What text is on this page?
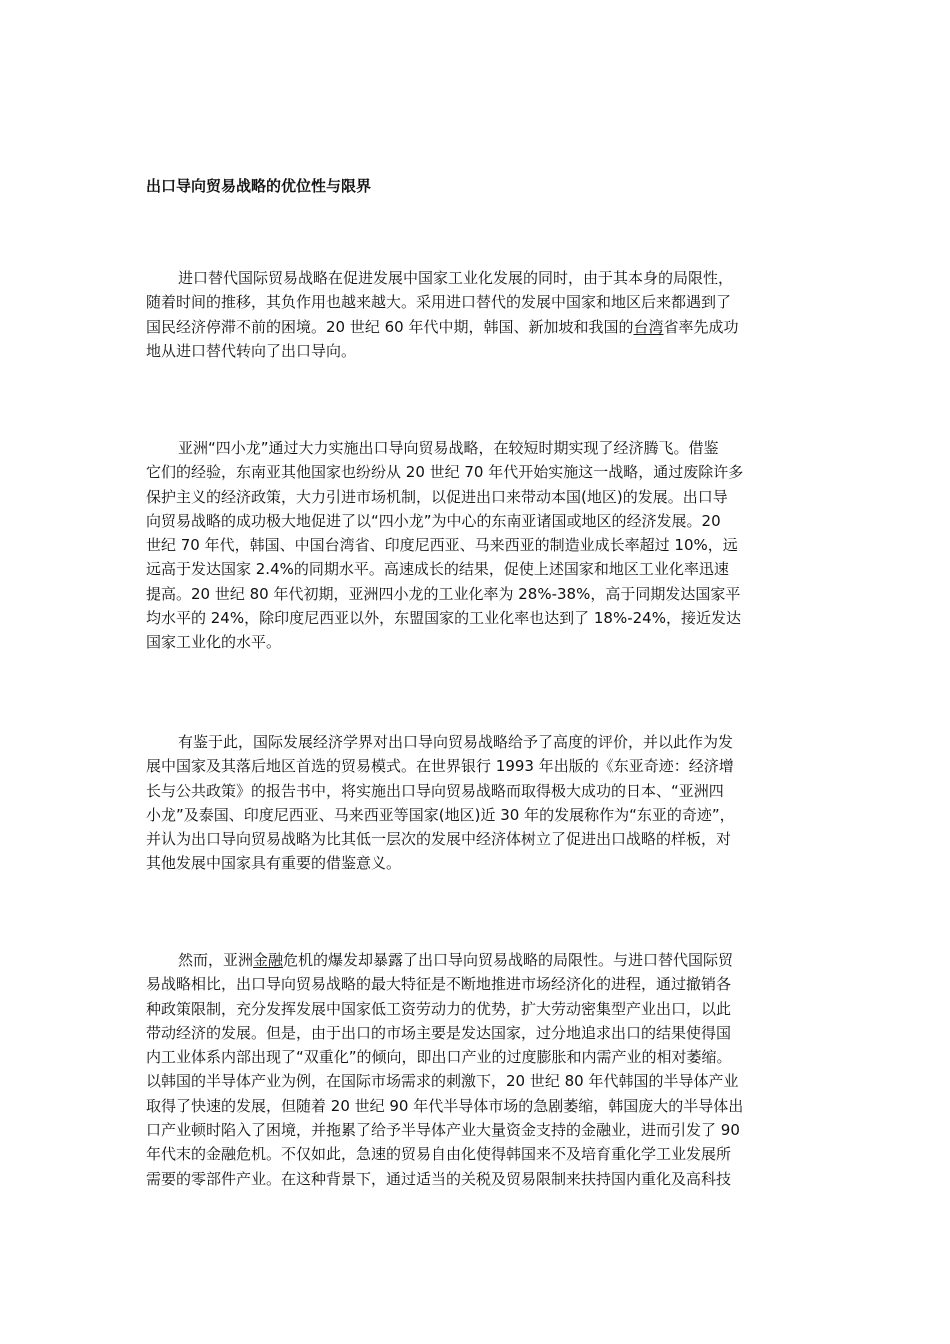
出口导向贸易战略的优位性与限界
进口替代国际贸易战略在促进发展中国家工业化发展的同时，由于其本身的局限性，
随着时间的推移，其负作用也越来越大。采用进口替代的发展中国家和地区后来都遇到了
国民经济停滞不前的困境。20 世纪 60 年代中期，韩国、新加坡和我国的台湾省率先成功
地从进口替代转向了出口导向。
亚洲“四小龙”通过大力实施出口导向贸易战略，在较短时期实现了经济腾飞。借鉴
它们的经验，东南亚其他国家也纷纷从 20 世纪 70 年代开始实施这一战略，通过废除许多
保护主义的经济政策，大力引进市场机制，以促进出口来带动本国(地区)的发展。出口导
向贸易战略的成功极大地促进了以“四小龙”为中心的东南亚诸国或地区的经济发展。20
世纪 70 年代，韩国、中国台湾省、印度尼西亚、马来西亚的制造业成长率超过 10%，远
远高于发达国家 2.4%的同期水平。高速成长的结果，促使上述国家和地区工业化率迅速
提高。20 世纪 80 年代初期，亚洲四小龙的工业化率为 28%-38%，高于同期发达国家平
均水平的 24%，除印度尼西亚以外，东盟国家的工业化率也达到了 18%-24%，接近发达
国家工业化的水平。
有鉴于此，国际发展经济学界对出口导向贸易战略给予了高度的评价，并以此作为发
展中国家及其落后地区首选的贸易模式。在世界银行 1993 年出版的《东亚奇迹：经济增
长与公共政策》的报告书中，将实施出口导向贸易战略而取得极大成功的日本、“亚洲四
小龙”及泰国、印度尼西亚、马来西亚等国家(地区)近 30 年的发展称作为“东亚的奇迹”，
并认为出口导向贸易战略为比其低一层次的发展中经济体树立了促进出口战略的样板，对
其他发展中国家具有重要的借鉴意义。
然而，亚洲金融危机的爆发却暴露了出口导向贸易战略的局限性。与进口替代国际贸
易战略相比，出口导向贸易战略的最大特征是不断地推进市场经济化的进程，通过撤销各
种政策限制，充分发挥发展中国家低工资劳动力的优势，扩大劳动密集型产业出口，以此
带动经济的发展。但是，由于出口的市场主要是发达国家，过分地追求出口的结果使得国
内工业体系内部出现了“双重化”的倾向，即出口产业的过度膨胀和内需产业的相对萎缩。
以韩国的半导体产业为例，在国际市场需求的刺激下，20 世纪 80 年代韩国的半导体产业
取得了快速的发展，但随着 20 世纪 90 年代半导体市场的急剧萎缩，韩国庞大的半导体出
口产业顿时陷入了困境，并拖累了给予半导体产业大量资金支持的金融业，进而引发了 90
年代末的金融危机。不仅如此，急速的贸易自由化使得韩国来不及培育重化学工业发展所
需要的零部件产业。在这种背景下，通过适当的关税及贸易限制来扶持国内重化及高科技
